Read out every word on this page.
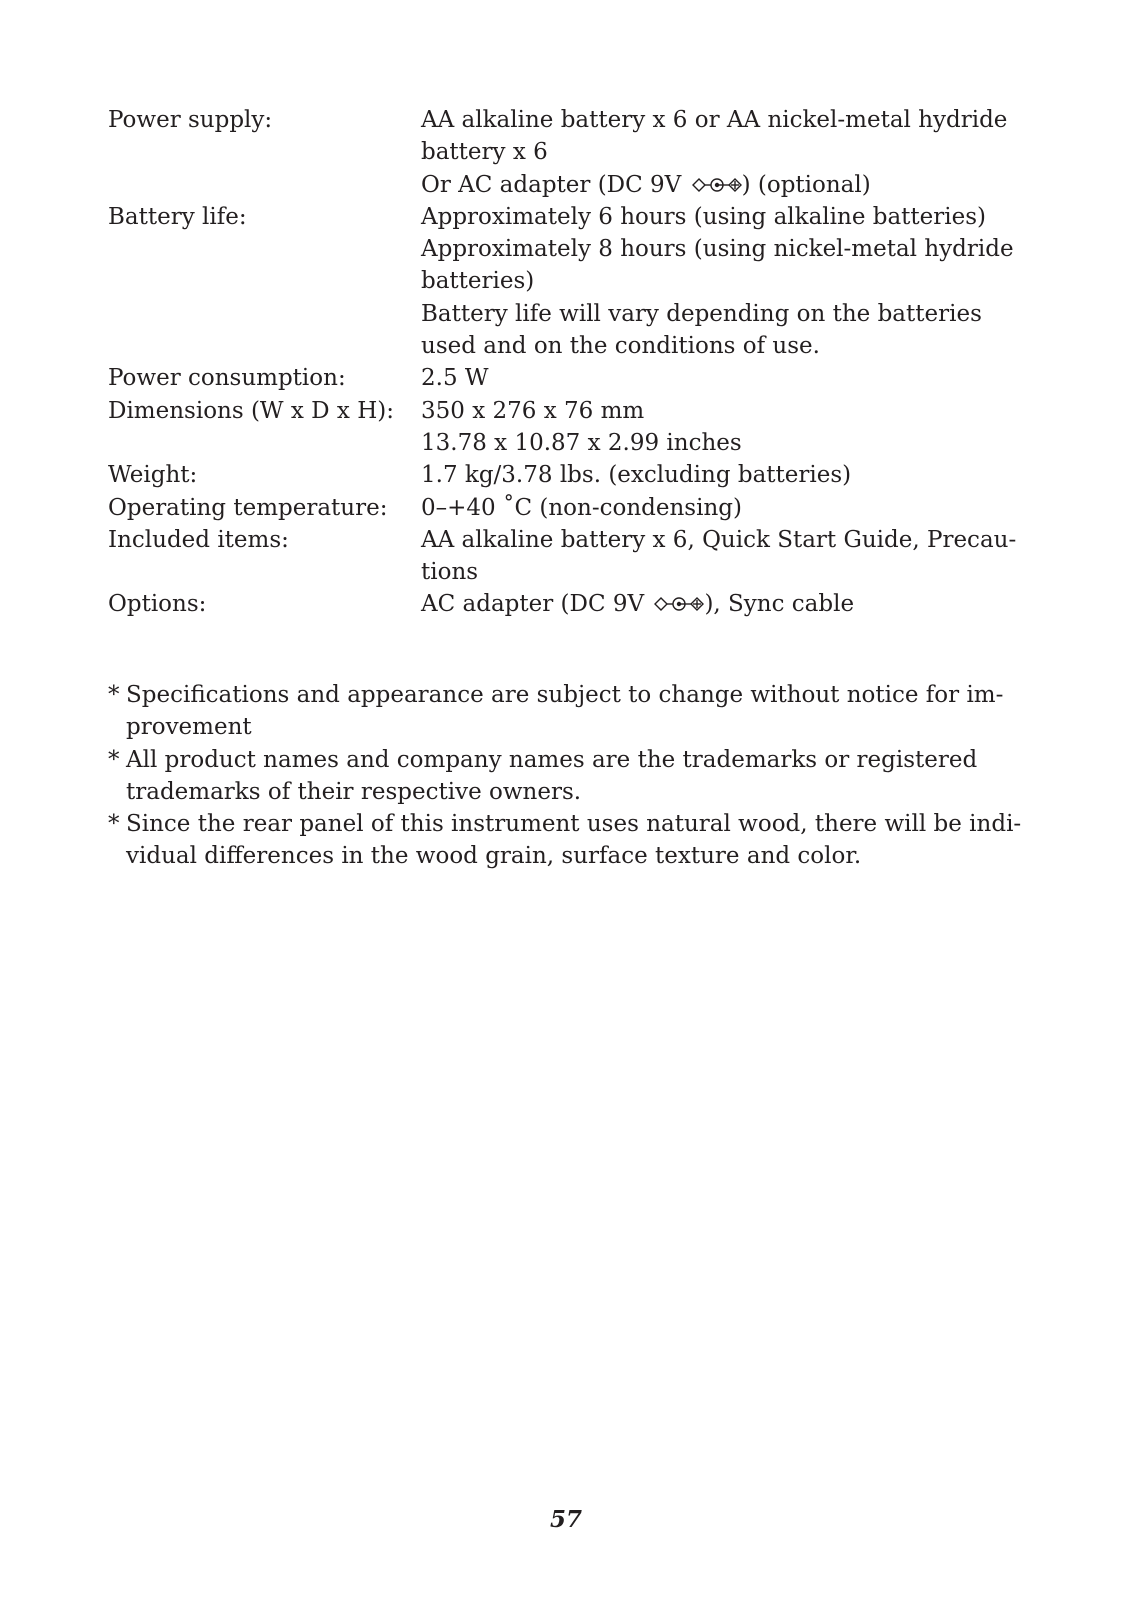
Power supply:	AA alkaline battery x 6 or AA nickel-metal hydride
battery x 6
Or AC adapter (DC 9V ) (optional)
Battery life:	Approximately 6 hours (using alkaline batteries)
Approximately 8 hours (using nickel-metal hydride
batteries)
Battery life will vary depending on the batteries
used and on the conditions of use.
Power consumption:	2.5 W
Dimensions (W x D x H):	350 x 276 x 76 mm
13.78 x 10.87 x 2.99 inches
Weight:	1.7 kg/3.78 lbs. (excluding batteries)
Operating temperature:	0–+40 ˚C (non-condensing)
Included items:	AA alkaline battery x 6, Quick Start Guide, Precau-
tions
Options:	AC adapter (DC 9V ), Sync cable
* Specifications and appearance are subject to change without notice for im-
provement
* All product names and company names are the trademarks or registered
trademarks of their respective owners.
* Since the rear panel of this instrument uses natural wood, there will be indi-
vidual differences in the wood grain, surface texture and color.
57
